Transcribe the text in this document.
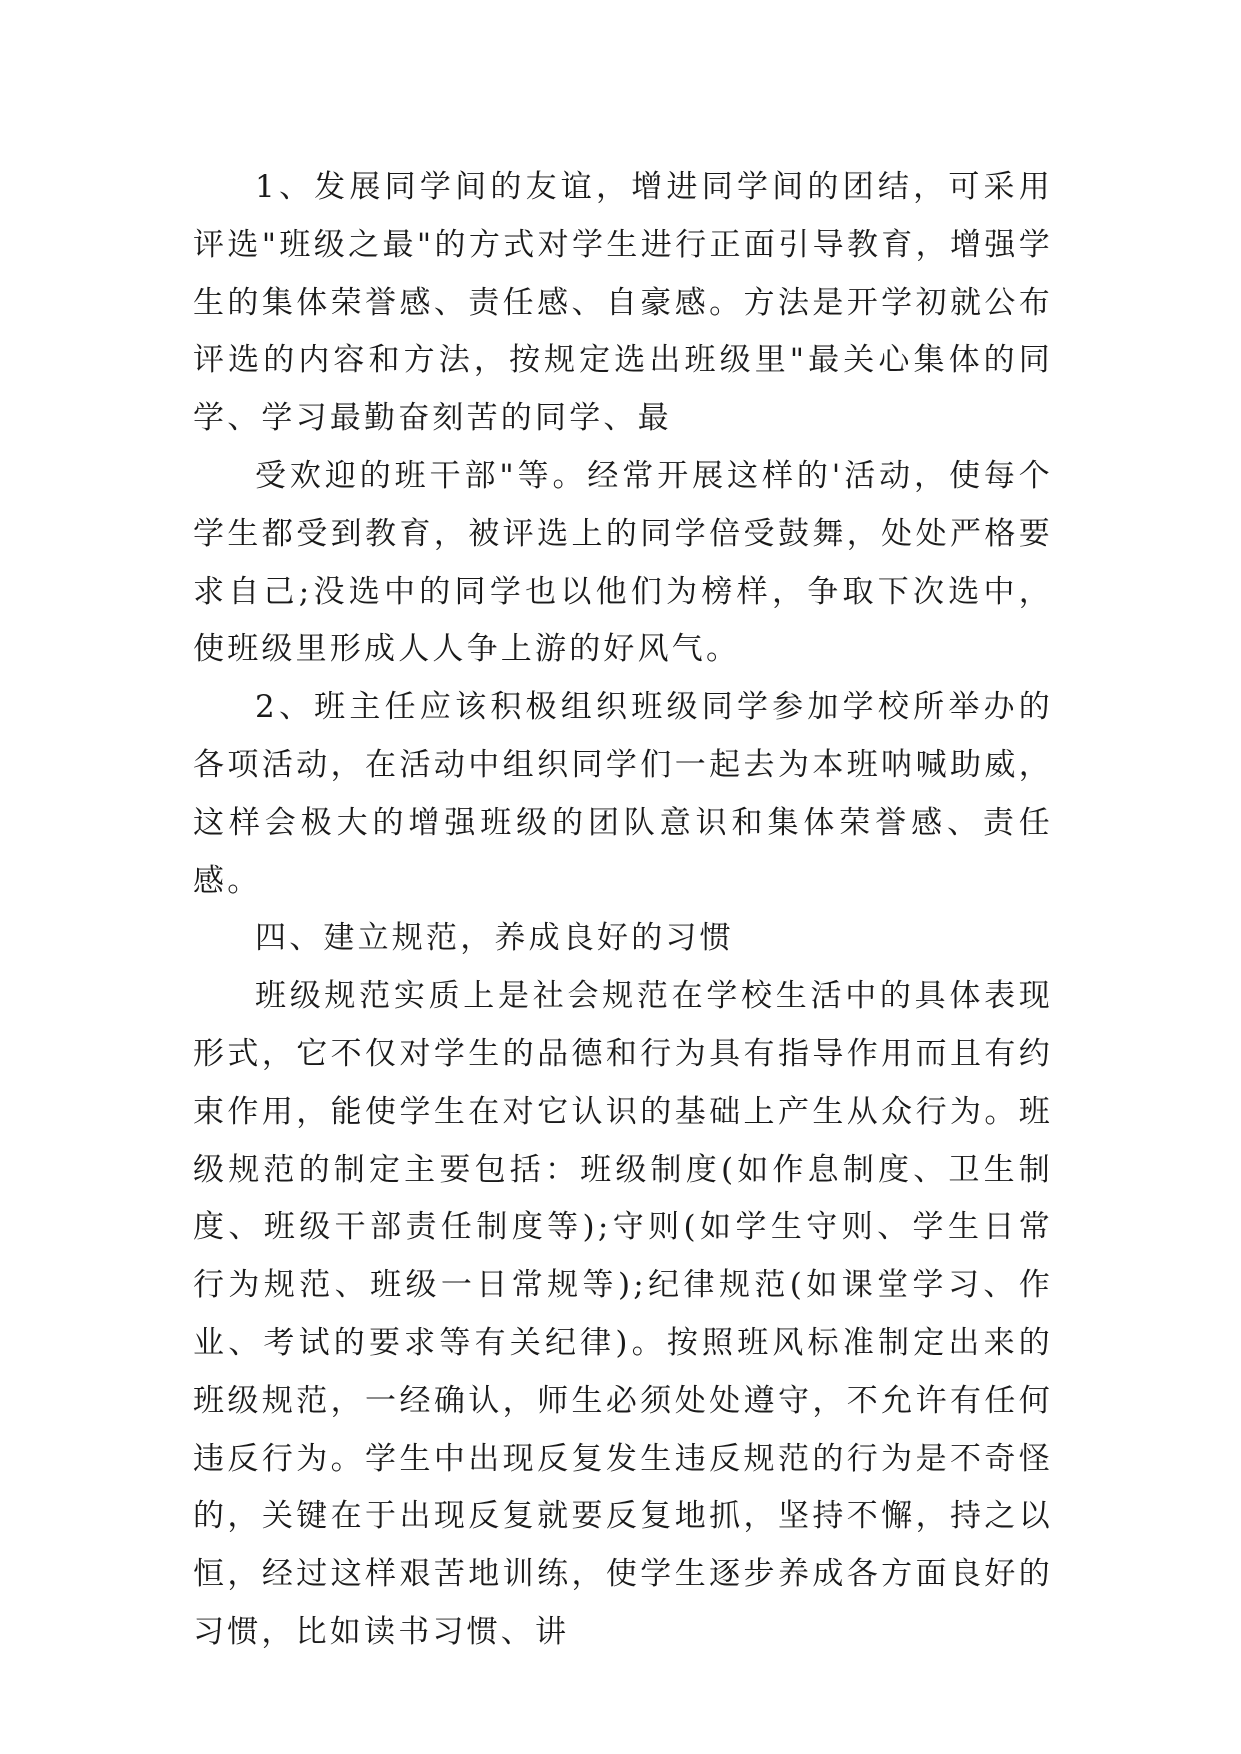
1、发展同学间的友谊，增进同学间的团结，可采用评选"班级之最"的方式对学生进行正面引导教育，增强学生的集体荣誉感、责任感、自豪感。方法是开学初就公布评选的内容和方法，按规定选出班级里"最关心集体的同学、学习最勤奋刻苦的同学、最

受欢迎的班干部"等。经常开展这样的'活动，使每个学生都受到教育，被评选上的同学倍受鼓舞，处处严格要求自己;没选中的同学也以他们为榜样，争取下次选中，使班级里形成人人争上游的好风气。

2、班主任应该积极组织班级同学参加学校所举办的各项活动，在活动中组织同学们一起去为本班呐喊助威，这样会极大的增强班级的团队意识和集体荣誉感、责任感。

四、建立规范，养成良好的习惯

班级规范实质上是社会规范在学校生活中的具体表现形式，它不仅对学生的品德和行为具有指导作用而且有约束作用，能使学生在对它认识的基础上产生从众行为。班级规范的制定主要包括：班级制度(如作息制度、卫生制度、班级干部责任制度等);守则(如学生守则、学生日常行为规范、班级一日常规等);纪律规范(如课堂学习、作业、考试的要求等有关纪律)。按照班风标准制定出来的班级规范，一经确认，师生必须处处遵守，不允许有任何违反行为。学生中出现反复发生违反规范的行为是不奇怪的，关键在于出现反复就要反复地抓，坚持不懈，持之以恒，经过这样艰苦地训练，使学生逐步养成各方面良好的习惯，比如读书习惯、讲
